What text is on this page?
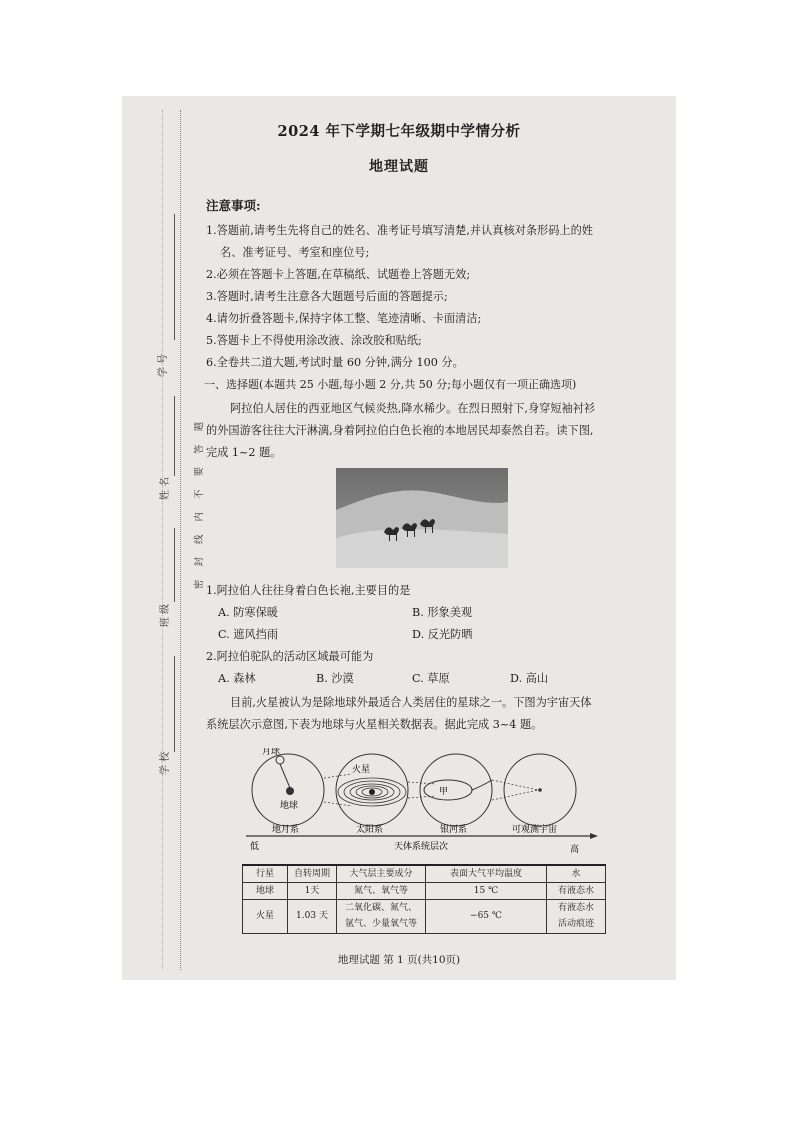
学 号
姓 名
班 级
学 校
密 封 线 内 不 要 答 题
2024 年下学期七年级期中学情分析
地理试题
注意事项:
1.答题前,请考生先将自己的姓名、准考证号填写清楚,并认真核对条形码上的姓
名、准考证号、考室和座位号;
2.必须在答题卡上答题,在草稿纸、试题卷上答题无效;
3.答题时,请考生注意各大题题号后面的答题提示;
4.请勿折叠答题卡,保持字体工整、笔迹清晰、卡面清洁;
5.答题卡上不得使用涂改液、涂改胶和贴纸;
6.全卷共二道大题,考试时量 60 分钟,满分 100 分。
一、选择题(本题共 25 小题,每小题 2 分,共 50 分;每小题仅有一项正确选项)
阿拉伯人居住的西亚地区气候炎热,降水稀少。在烈日照射下,身穿短袖衬衫
的外国游客往往大汗淋漓,身着阿拉伯白色长袍的本地居民却泰然自若。读下图,
完成 1~2 题。
1.阿拉伯人往往身着白色长袍,主要目的是
A. 防寒保暖	B. 形象美观
C. 遮风挡雨	D. 反光防晒
2.阿拉伯驼队的活动区域最可能为
A. 森林	B. 沙漠	C. 草原	D. 高山
目前,火星被认为是除地球外最适合人类居住的星球之一。下图为宇宙天体
系统层次示意图,下表为地球与火星相关数据表。据此完成 3~4 题。
月球
地球
火星
甲
地月系	太阳系	银河系	可观测宇宙
低	天体系统层次	高
行星	自转周期	大气层主要成分	表面大气平均温度	水
地球	1天	氮气、氧气等	15 ℃	有液态水
火星	1.03 天	二氧化碳、氮气、	−65 ℃	有液态水
		氩气、少量氧气等		活动痕迹
地理试题 第 1 页(共10页)
